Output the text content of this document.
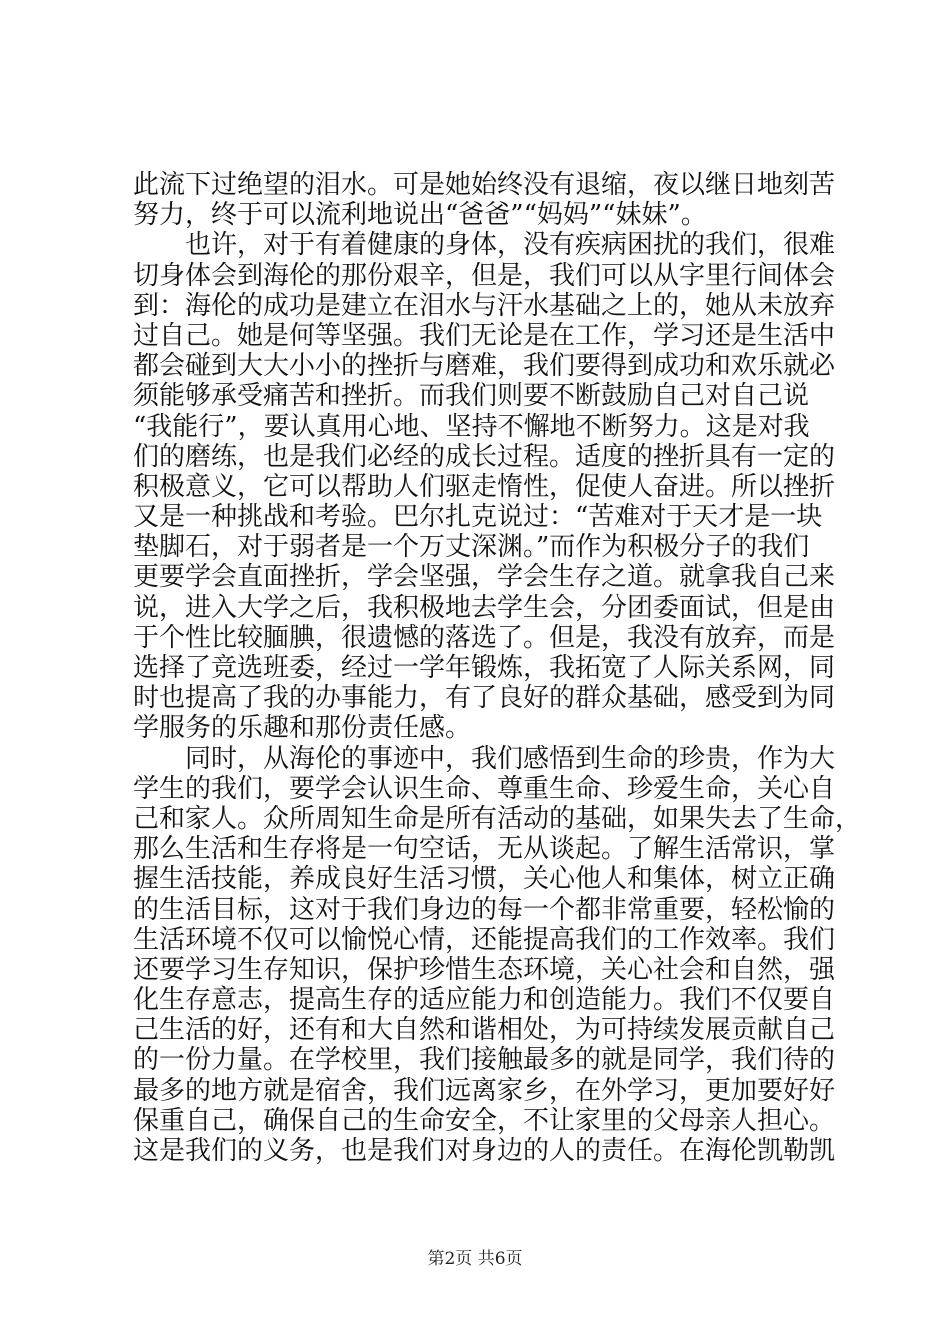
此流下过绝望的泪水。可是她始终没有退缩，夜以继日地刻苦
努力，终于可以流利地说出“爸爸”“妈妈”“妹妹”。
也许，对于有着健康的身体，没有疾病困扰的我们，很难
切身体会到海伦的那份艰辛，但是，我们可以从字里行间体会
到：海伦的成功是建立在泪水与汗水基础之上的，她从未放弃
过自己。她是何等坚强。我们无论是在工作，学习还是生活中
都会碰到大大小小的挫折与磨难，我们要得到成功和欢乐就必
须能够承受痛苦和挫折。而我们则要不断鼓励自己对自己说
“我能行”，要认真用心地、坚持不懈地不断努力。这是对我
们的磨练，也是我们必经的成长过程。适度的挫折具有一定的
积极意义，它可以帮助人们驱走惰性，促使人奋进。所以挫折
又是一种挑战和考验。巴尔扎克说过：“苦难对于天才是一块
垫脚石，对于弱者是一个万丈深渊。”而作为积极分子的我们
更要学会直面挫折，学会坚强，学会生存之道。就拿我自己来
说，进入大学之后，我积极地去学生会，分团委面试，但是由
于个性比较腼腆，很遗憾的落选了。但是，我没有放弃，而是
选择了竞选班委，经过一学年锻炼，我拓宽了人际关系网，同
时也提高了我的办事能力，有了良好的群众基础，感受到为同
学服务的乐趣和那份责任感。
同时，从海伦的事迹中，我们感悟到生命的珍贵，作为大
学生的我们，要学会认识生命、尊重生命、珍爱生命，关心自
己和家人。众所周知生命是所有活动的基础，如果失去了生命，
那么生活和生存将是一句空话，无从谈起。了解生活常识，掌
握生活技能，养成良好生活习惯，关心他人和集体，树立正确
的生活目标，这对于我们身边的每一个都非常重要，轻松愉的
生活环境不仅可以愉悦心情，还能提高我们的工作效率。我们
还要学习生存知识，保护珍惜生态环境，关心社会和自然，强
化生存意志，提高生存的适应能力和创造能力。我们不仅要自
己生活的好，还有和大自然和谐相处，为可持续发展贡献自己
的一份力量。在学校里，我们接触最多的就是同学，我们待的
最多的地方就是宿舍，我们远离家乡，在外学习，更加要好好
保重自己，确保自己的生命安全，不让家里的父母亲人担心。
这是我们的义务，也是我们对身边的人的责任。在海伦凯勒凯
第2页 共6页
